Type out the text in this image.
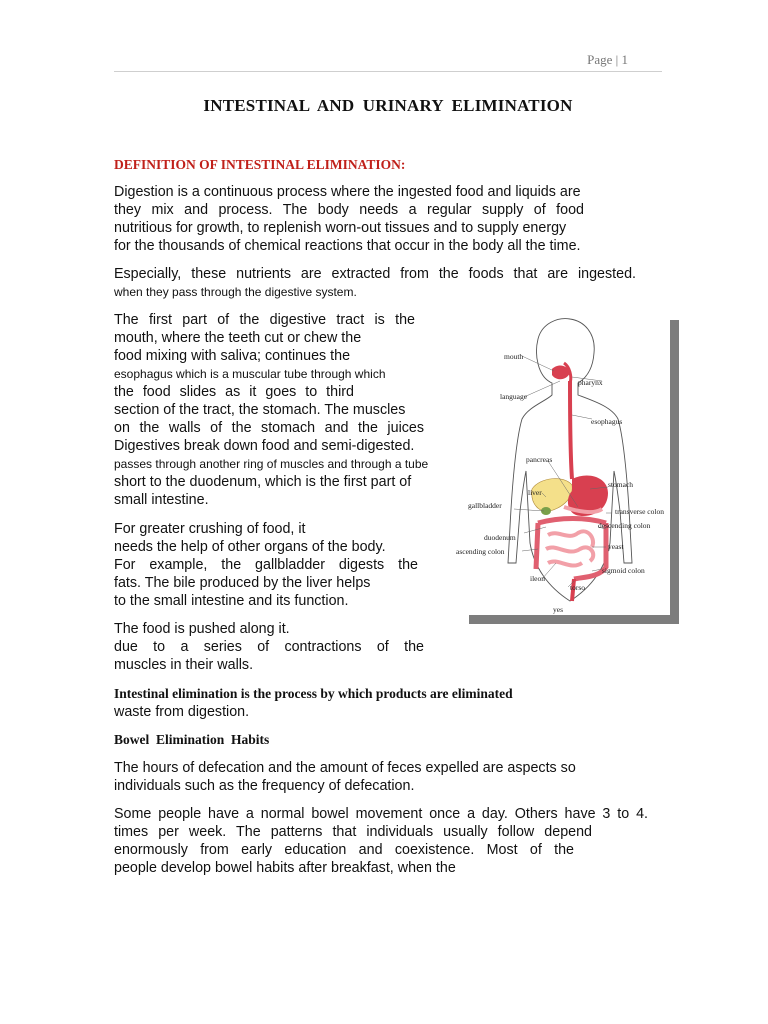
Page | 1
INTESTINAL AND URINARY ELIMINATION
DEFINITION OF INTESTINAL ELIMINATION:

Digestion is a continuous process where the ingested food and liquids are
they mix and process. The body needs a regular supply of food
nutritious for growth, to replenish worn-out tissues and to supply energy
for the thousands of chemical reactions that occur in the body all the time.

Especially, these nutrients are extracted from the foods that are ingested.
when they pass through the digestive system.

The first part of the digestive tract is the
mouth, where the teeth cut or chew the
food mixing with saliva; continues the
esophagus which is a muscular tube through which
the food slides as it goes to third
section of the tract, the stomach. The muscles
on the walls of the stomach and the juices
Digestives break down food and semi-digested.
passes through another ring of muscles and through a tube
short to the duodenum, which is the first part of
small intestine.

For greater crushing of food, it
needs the help of other organs of the body.
For example, the gallbladder digests the
fats. The bile produced by the liver helps
to the small intestine and its function.

The food is pushed along it.
due to a series of contractions of the
muscles in their walls.

Intestinal elimination is the process by which products are eliminated
waste from digestion.

Bowel  Elimination  Habits

The hours of defecation and the amount of feces expelled are aspects so
individuals such as the frequency of defecation.

Some people have a normal bowel movement once a day. Others have 3 to 4.
times per week. The patterns that individuals usually follow depend
enormously from early education and coexistence. Most of the
people develop bowel habits after breakfast, when the

mouth
pharynx
language
esophagus
pancreas
stomach
liver
gallbladder
transverse colon
descending colon
duodenum
yeast
ascending colon
sigmoid colon
ileon
torso
yes
